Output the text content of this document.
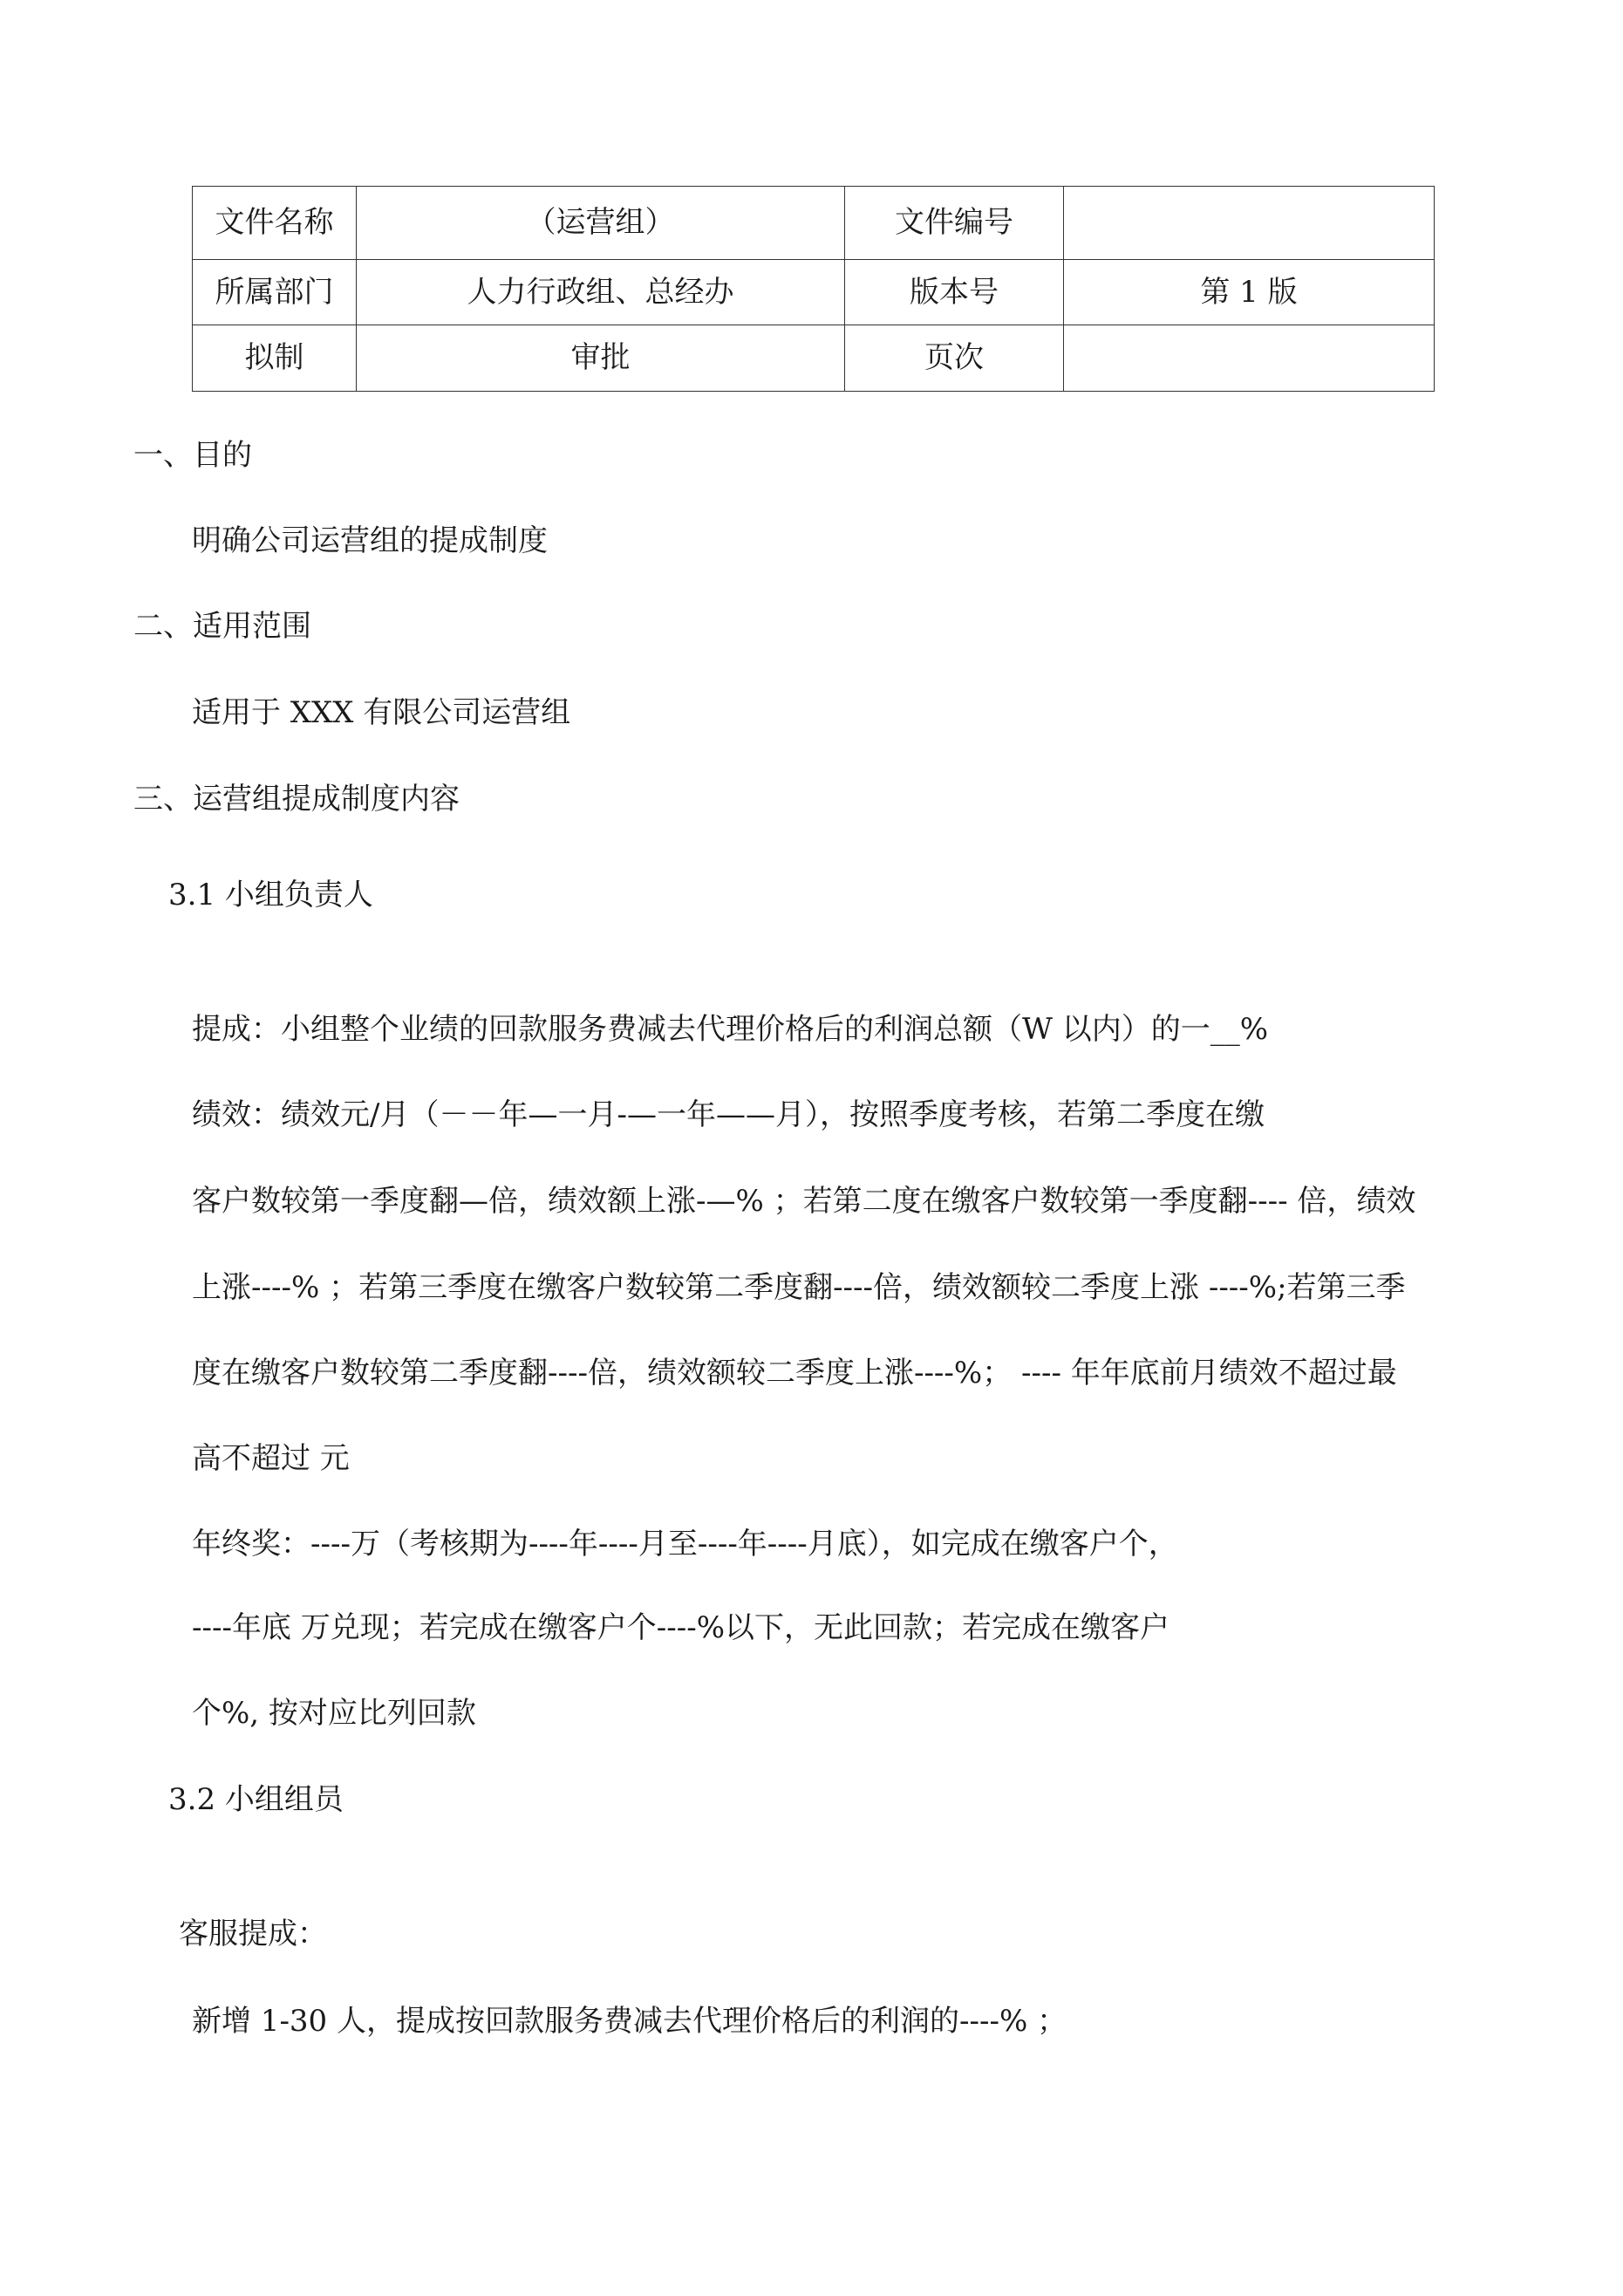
文件名称	（运营组）	文件编号	
所属部门	人力行政组、总经办	版本号	第 1 版
拟制	审批	页次	
一、目的
明确公司运营组的提成制度
二、适用范围
适用于 XXX 有限公司运营组
三、运营组提成制度内容
3.1 小组负责人
提成：小组整个业绩的回款服务费减去代理价格后的利润总额（W 以内）的一__%
绩效：绩效元/月（－－年—一月-—一年——月），按照季度考核，若第二季度在缴
客户数较第一季度翻—倍，绩效额上涨-—% ；若第二度在缴客户数较第一季度翻---- 倍，绩效
上涨----% ；若第三季度在缴客户数较第二季度翻----倍，绩效额较二季度上涨 ----%;若第三季
度在缴客户数较第二季度翻----倍，绩效额较二季度上涨----%； ---- 年年底前月绩效不超过最
高不超过 元
年终奖：----万（考核期为----年----月至----年----月底），如完成在缴客户个，
----年底 万兑现；若完成在缴客户个----%以下，无此回款；若完成在缴客户
个%, 按对应比列回款
3.2 小组组员
客服提成：
新增 1-30 人，提成按回款服务费减去代理价格后的利润的----% ；
